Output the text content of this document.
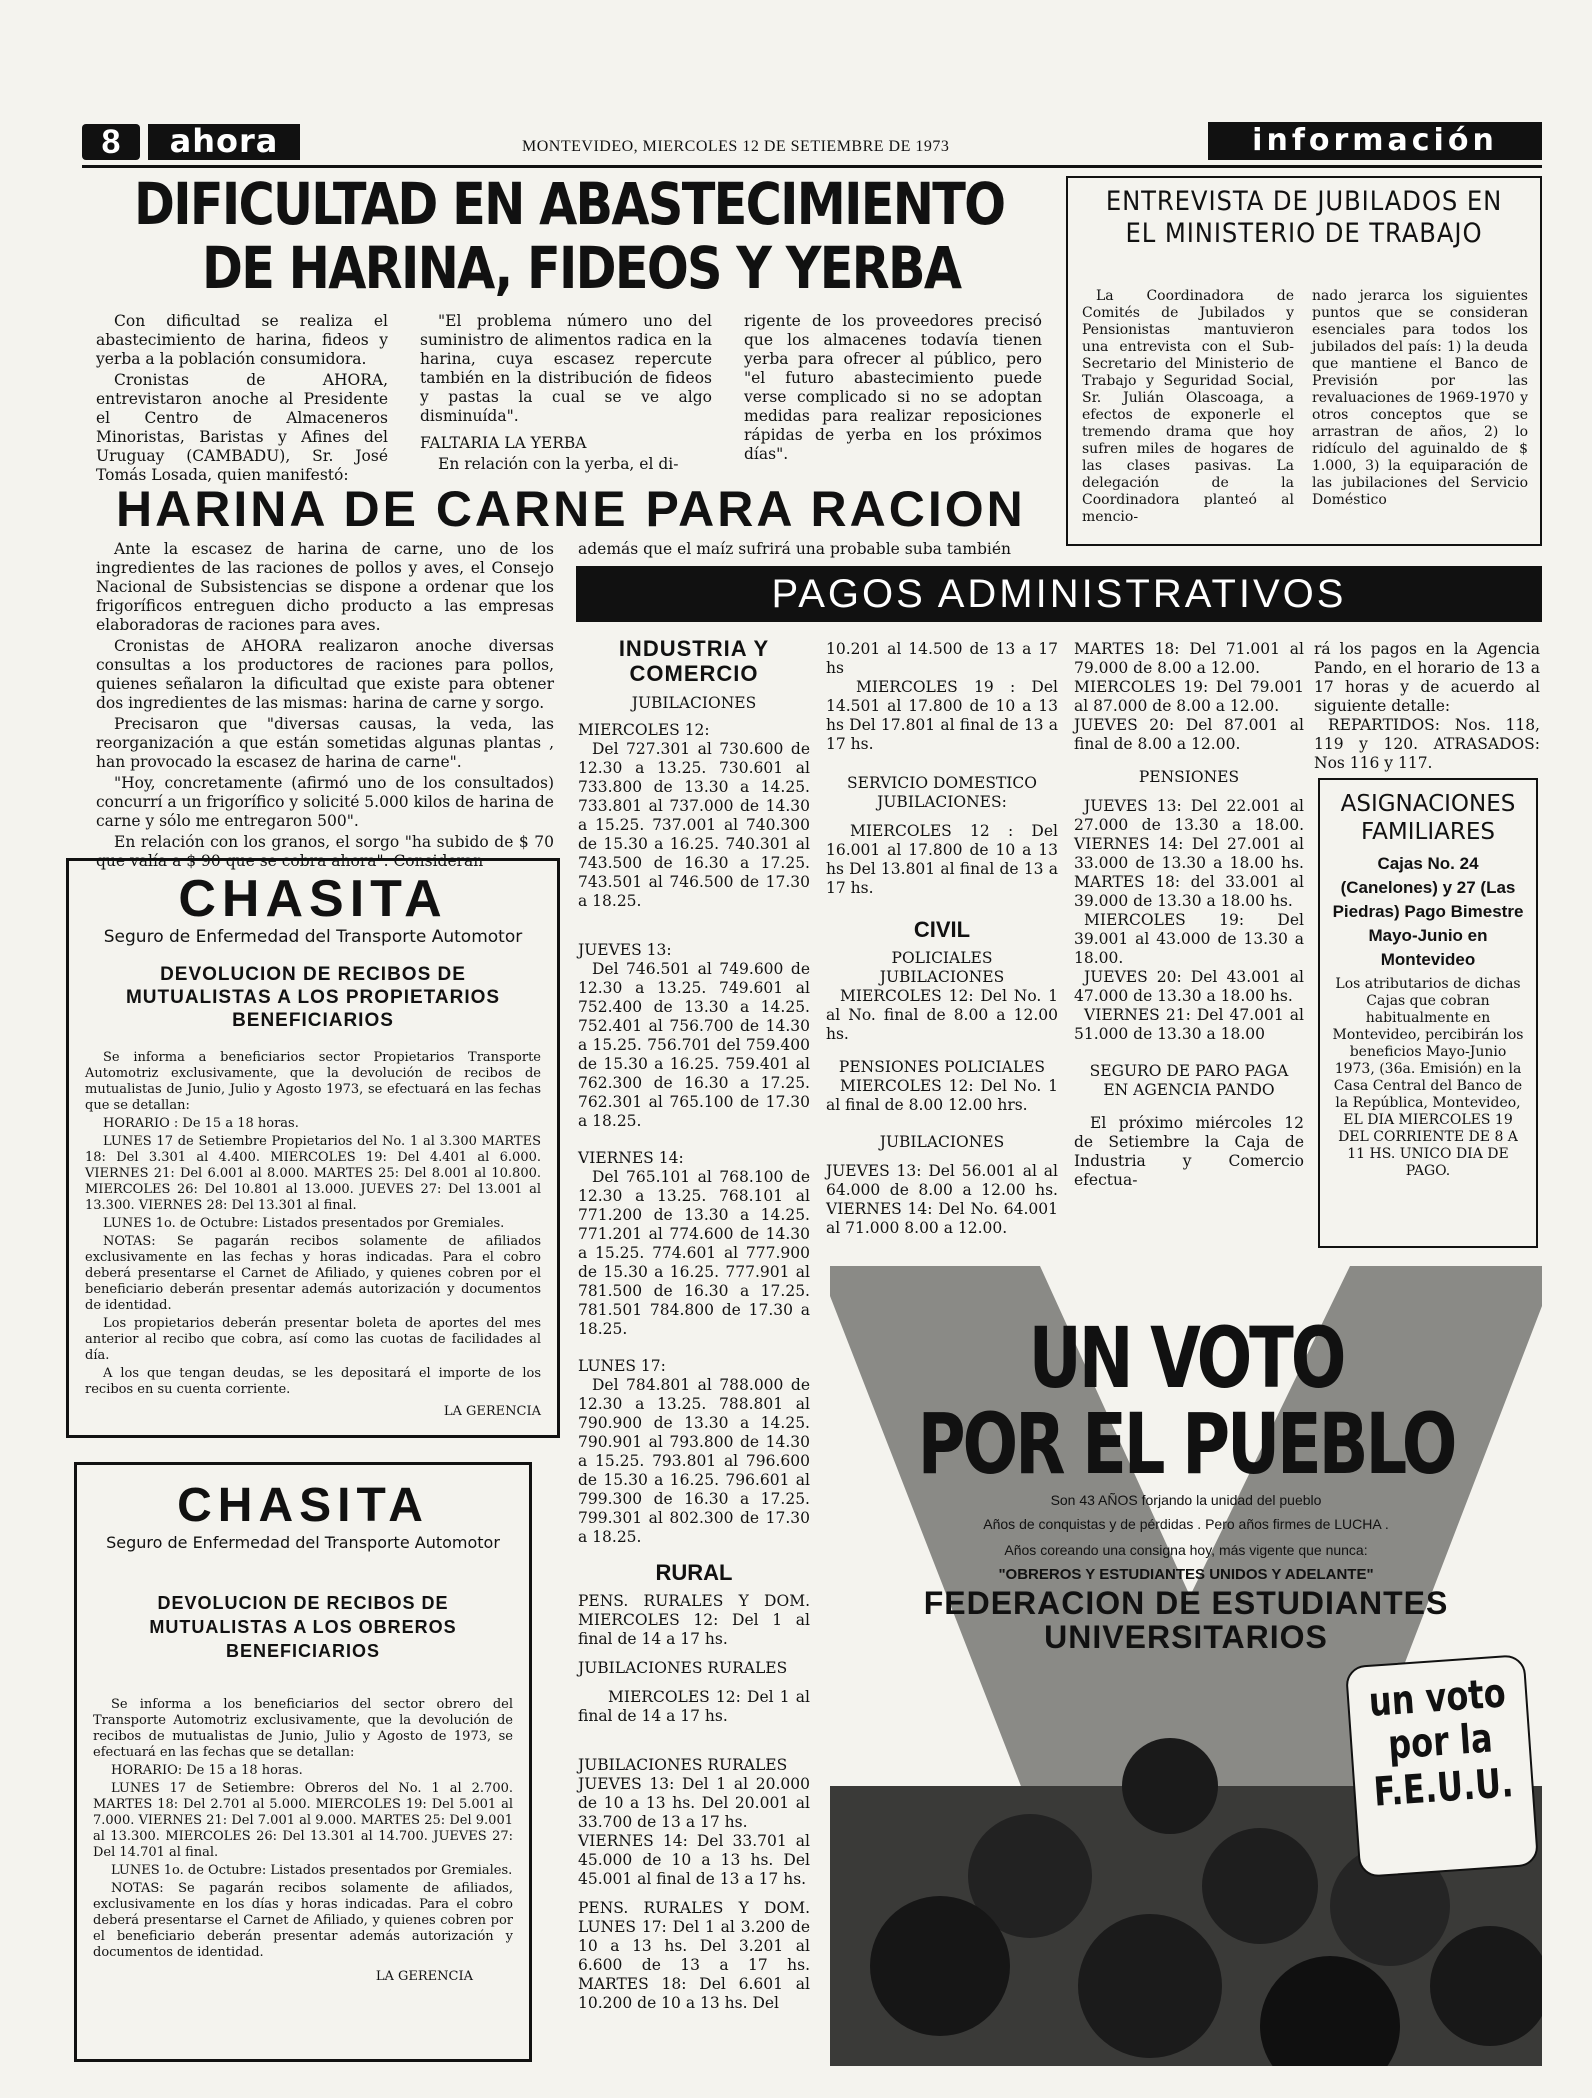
8	ahora	MONTEVIDEO, MIERCOLES 12 DE SETIEMBRE DE 1973	información
DIFICULTAD EN ABASTECIMIENTO
DE HARINA, FIDEOS Y YERBA

Con dificultad se realiza el abastecimiento de harina, fideos y yerba a la población consumidora.

Cronistas de AHORA, entrevistaron anoche al Presidente el Centro de Almaceneros Minoristas, Baristas y Afines del Uruguay (CAMBADU), Sr. José Tomás Losada, quien manifestó:

"El problema número uno del suministro de alimentos radica en la harina, cuya escasez repercute también en la distribución de fideos y pastas la cual se ve algo disminuída".

FALTARIA LA YERBA

En relación con la yerba, el di-

rigente de los proveedores precisó que los almacenes todavía tienen yerba para ofrecer al público, pero "el futuro abastecimiento puede verse complicado si no se adoptan medidas para realizar reposiciones rápidas de yerba en los próximos días".

ENTREVISTA DE JUBILADOS EN
EL MINISTERIO DE TRABAJO
La Coordinadora de Comités de Jubilados y Pensionistas mantuvieron una entrevista con el Sub-Secretario del Ministerio de Trabajo y Seguridad Social, Sr. Julián Olascoaga, a efectos de exponerle el tremendo drama que hoy sufren miles de hogares de las clases pasivas. La delegación de la Coordinadora planteó al mencio-
nado jerarca los siguientes puntos que se consideran esenciales para todos los jubilados del país: 1) la deuda que mantiene el Banco de Previsión por las revaluaciones de 1969-1970 y otros conceptos que se arrastran de años, 2) lo ridículo del aguinaldo de $ 1.000, 3) la equiparación de las jubilaciones del Servicio Doméstico
HARINA DE CARNE PARA RACION

Ante la escasez de harina de carne, uno de los ingredientes de las raciones de pollos y aves, el Consejo Nacional de Subsistencias se dispone a ordenar que los frigoríficos entreguen dicho producto a las empresas elaboradoras de raciones para aves.

Cronistas de AHORA realizaron anoche diversas consultas a los productores de raciones para pollos, quienes señalaron la dificultad que existe para obtener dos ingredientes de las mismas: harina de carne y sorgo.

Precisaron que "diversas causas, la veda, las reorganización a que están sometidas algunas plantas , han provocado la escasez de harina de carne".

"Hoy, concretamente (afirmó uno de los consultados) concurrí a un frigorífico y solicité 5.000 kilos de harina de carne y sólo me entregaron 500".

En relación con los granos, el sorgo "ha subido de $ 70 que valía a $ 90 que se cobra ahora". Consideran

además que el maíz sufrirá una probable suba también
PAGOS ADMINISTRATIVOS
INDUSTRIA Y COMERCIO
JUBILACIONES
MIERCOLES 12:
Del 727.301 al 730.600 de 12.30 a 13.25. 730.601 al 733.800 de 13.30 a 14.25. 733.801 al 737.000 de 14.30 a 15.25. 737.001 al 740.300 de 15.30 a 16.25. 740.301 al 743.500 de 16.30 a 17.25. 743.501 al 746.500 de 17.30 a 18.25.
JUEVES 13:
Del 746.501 al 749.600 de 12.30 a 13.25. 749.601 al 752.400 de 13.30 a 14.25. 752.401 al 756.700 de 14.30 a 15.25. 756.701 del 759.400 de 15.30 a 16.25. 759.401 al 762.300 de 16.30 a 17.25. 762.301 al 765.100 de 17.30 a 18.25.
VIERNES 14:
Del 765.101 al 768.100 de 12.30 a 13.25. 768.101 al 771.200 de 13.30 a 14.25. 771.201 al 774.600 de 14.30 a 15.25. 774.601 al 777.900 de 15.30 a 16.25. 777.901 al 781.500 de 16.30 a 17.25. 781.501 784.800 de 17.30 a 18.25.
LUNES 17:
Del 784.801 al 788.000 de 12.30 a 13.25. 788.801 al 790.900 de 13.30 a 14.25. 790.901 al 793.800 de 14.30 a 15.25. 793.801 al 796.600 de 15.30 a 16.25. 796.601 al 799.300 de 16.30 a 17.25. 799.301 al 802.300 de 17.30 a 18.25.
RURAL
PENS. RURALES Y DOM. MIERCOLES 12: Del 1 al final de 14 a 17 hs.
JUBILACIONES RURALES
MIERCOLES 12: Del 1 al final de 14 a 17 hs.
JUBILACIONES RURALES
JUEVES 13: Del 1 al 20.000 de 10 a 13 hs. Del 20.001 al 33.700 de 13 a 17 hs.
VIERNES 14: Del 33.701 al 45.000 de 10 a 13 hs. Del 45.001 al final de 13 a 17 hs.
PENS. RURALES Y DOM. LUNES 17: Del 1 al 3.200 de 10 a 13 hs. Del 3.201 al 6.600 de 13 a 17 hs. MARTES 18: Del 6.601 al 10.200 de 10 a 13 hs. Del
10.201 al 14.500 de 13 a 17 hs
MIERCOLES 19 : Del 14.501 al 17.800 de 10 a 13 hs Del 17.801 al final de 13 a 17 hs.
SERVICIO DOMESTICO
JUBILACIONES:
MIERCOLES 12 : Del 16.001 al 17.800 de 10 a 13 hs Del 13.801 al final de 13 a 17 hs.
CIVIL
POLICIALES
JUBILACIONES
MIERCOLES 12: Del No. 1 al No. final de 8.00 a 12.00 hs.
PENSIONES POLICIALES
MIERCOLES 12: Del No. 1 al final de 8.00 12.00 hrs.
JUBILACIONES
JUEVES 13: Del 56.001 al al 64.000 de 8.00 a 12.00 hs. VIERNES 14: Del No. 64.001 al 71.000 8.00 a 12.00.
MARTES 18: Del 71.001 al 79.000 de 8.00 a 12.00.
MIERCOLES 19: Del 79.001 al 87.000 de 8.00 a 12.00.
JUEVES 20: Del 87.001 al final de 8.00 a 12.00.
PENSIONES
JUEVES 13: Del 22.001 al 27.000 de 13.30 a 18.00. VIERNES 14: Del 27.001 al 33.000 de 13.30 a 18.00 hs. MARTES 18: del 33.001 al 39.000 de 13.30 a 18.00 hs.
MIERCOLES 19: Del 39.001 al 43.000 de 13.30 a 18.00.
JUEVES 20: Del 43.001 al 47.000 de 13.30 a 18.00 hs.
VIERNES 21: Del 47.001 al 51.000 de 13.30 a 18.00
SEGURO DE PARO PAGA EN AGENCIA PANDO
El próximo miércoles 12 de Setiembre la Caja de Industria y Comercio efectua-
rá los pagos en la Agencia Pando, en el horario de 13 a 17 horas y de acuerdo al siguiente detalle:
REPARTIDOS: Nos. 118, 119 y 120. ATRASADOS: Nos 116 y 117.
ASIGNACIONES FAMILIARES
Cajas No. 24 (Canelones) y 27 (Las Piedras) Pago Bimestre Mayo-Junio en Montevideo
Los atributarios de dichas Cajas que cobran habitualmente en Montevideo, percibirán los beneficios Mayo-Junio 1973, (36a. Emisión) en la Casa Central del Banco de la República, Montevideo, EL DIA MIERCOLES 19 DEL CORRIENTE DE 8 A 11 HS. UNICO DIA DE PAGO.
CHASITA
Seguro de Enfermedad del Transporte Automotor
DEVOLUCION DE RECIBOS DE MUTUALISTAS A LOS PROPIETARIOS BENEFICIARIOS

Se informa a beneficiarios sector Propietarios Transporte Automotriz exclusivamente, que la devolución de recibos de mutualistas de Junio, Julio y Agosto 1973, se efectuará en las fechas que se detallan:

HORARIO : De 15 a 18 horas.

LUNES 17 de Setiembre Propietarios del No. 1 al 3.300 MARTES 18: Del 3.301 al 4.400. MIERCOLES 19: Del 4.401 al 6.000. VIERNES 21: Del 6.001 al 8.000. MARTES 25: Del 8.001 al 10.800. MIERCOLES 26: Del 10.801 al 13.000. JUEVES 27: Del 13.001 al 13.300. VIERNES 28: Del 13.301 al final.

LUNES 1o. de Octubre: Listados presentados por Gremiales.

NOTAS: Se pagarán recibos solamente de afiliados exclusivamente en las fechas y horas indicadas. Para el cobro deberá presentarse el Carnet de Afiliado, y quienes cobren por el beneficiario deberán presentar además autorización y documentos de identidad.

Los propietarios deberán presentar boleta de aportes del mes anterior al recibo que cobra, así como las cuotas de facilidades al día.

A los que tengan deudas, se les depositará el importe de los recibos en su cuenta corriente.

LA GERENCIA
CHASITA
Seguro de Enfermedad del Transporte Automotor
DEVOLUCION DE RECIBOS DE MUTUALISTAS A LOS OBREROS BENEFICIARIOS

Se informa a los beneficiarios del sector obrero del Transporte Automotriz exclusivamente, que la devolución de recibos de mutualistas de Junio, Julio y Agosto de 1973, se efectuará en las fechas que se detallan:

HORARIO: De 15 a 18 horas.

LUNES 17 de Setiembre: Obreros del No. 1 al 2.700. MARTES 18: Del 2.701 al 5.000. MIERCOLES 19: Del 5.001 al 7.000. VIERNES 21: Del 7.001 al 9.000. MARTES 25: Del 9.001 al 13.300. MIERCOLES 26: Del 13.301 al 14.700. JUEVES 27: Del 14.701 al final.

LUNES 1o. de Octubre: Listados presentados por Gremiales.

NOTAS: Se pagarán recibos solamente de afiliados, exclusivamente en los días y horas indicadas. Para el cobro deberá presentarse el Carnet de Afiliado, y quienes cobren por el beneficiario deberán presentar además autorización y documentos de identidad.

LA GERENCIA
UN VOTO
POR EL PUEBLO
Son 43 AÑOS forjando la unidad del pueblo
Años de conquistas y de pérdidas . Pero años firmes de LUCHA .
Años coreando una consigna hoy, más vigente que nunca:
"OBREROS Y ESTUDIANTES UNIDOS Y ADELANTE"
FEDERACION DE ESTUDIANTES
UNIVERSITARIOS
un voto
por la
F.E.U.U.
